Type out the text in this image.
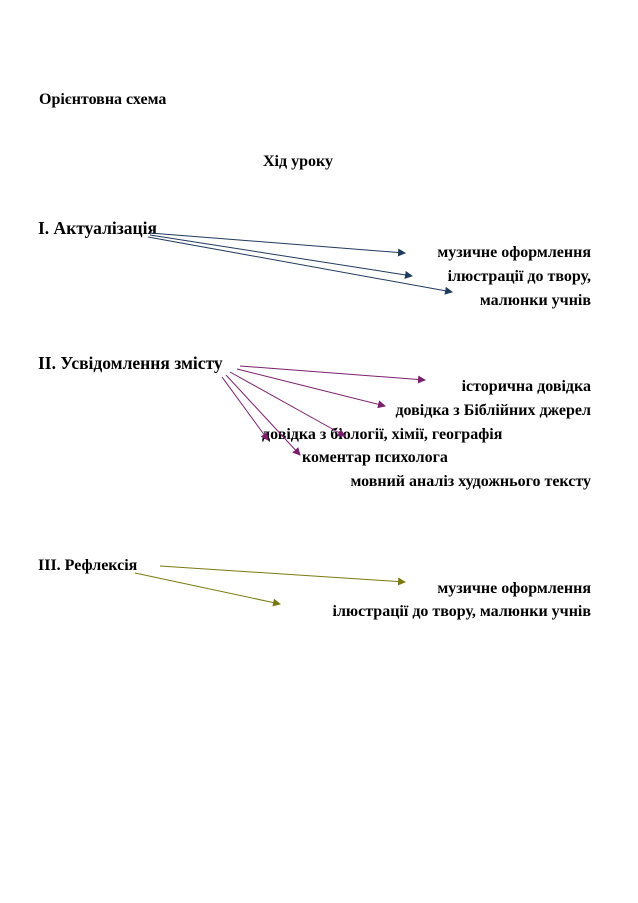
Орієнтовна схема
Хід уроку
І. Актуалізація
музичне оформлення
ілюстрації до твору,
малюнки учнів
ІІ. Усвідомлення змісту
історична довідка
довідка з Біблійних джерел
довідка з біології, хімії, географія
коментар психолога
мовний аналіз художнього тексту
ІІІ. Рефлексія
музичне оформлення
ілюстрації до твору, малюнки учнів
